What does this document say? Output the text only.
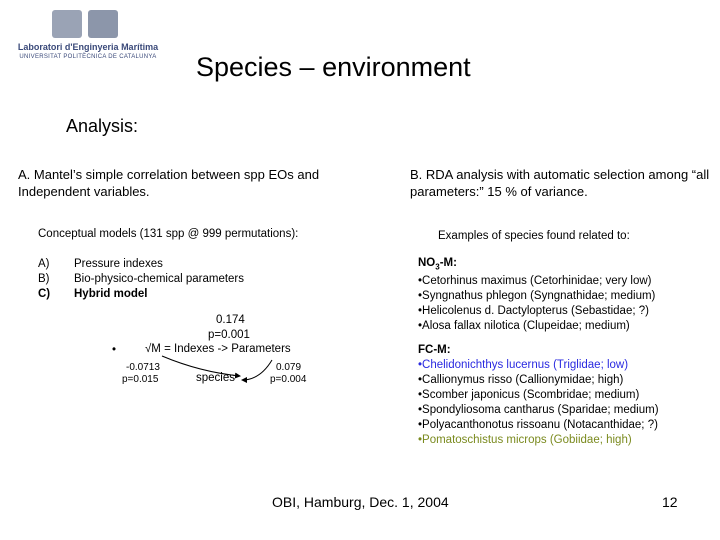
Laboratori d'Enginyeria Marítima
UNIVERSITAT POLITÈCNICA DE CATALUNYA	Species – environment
Analysis:
A. Mantel’s simple correlation between spp EOs and Independent variables.
B. RDA analysis with automatic selection among “all parameters:” 15 % of variance.
Conceptual models (131 spp @ 999 permutations):
A)	Pressure indexes
B)	Bio-physico-chemical parameters
C)	Hybrid model
0.174
p=0.001
•	√M = Indexes -> Parameters
-0.0713
p=0.015	species
0.079
p=0.004
Examples of species found related to:
$NO_3-M$:
• Cetorhinus maximus (Cetorhinidae; very low)
• Syngnathus phlegon (Syngnathidae; medium)
• Helicolenus d. Dactylopterus (Sebastidae; ?)
• Alosa fallax nilotica (Clupeidae; medium)
FC-M:
• Chelidonichthys lucernus (Triglidae; low)
• Callionymus risso (Callionymidae; high)
• Scomber japonicus (Scombridae; medium)
• Spondyliosoma cantharus (Sparidae; medium)
• Polyacanthonotus rissoanu (Notacanthidae; ?)
• Pomatoschistus microps (Gobiidae; high)
OBI, Hamburg, Dec. 1, 2004	12
